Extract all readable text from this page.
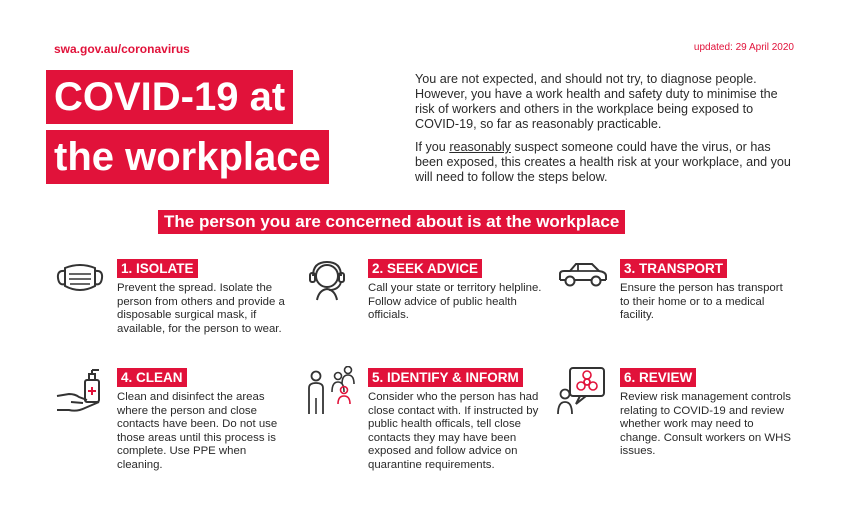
swa.gov.au/coronavirus	updated: 29 April 2020
COVID-19 at
the workplace

You are not expected, and should not try, to diagnose people. However, you have a work health and safety duty to minimise the risk of workers and others in the workplace being exposed to COVID-19, so far as reasonably practicable.

If you reasonably suspect someone could have the virus, or has been exposed, this creates a health risk at your workplace, and you will need to follow the steps below.

The person you are concerned about is at the workplace
1. ISOLATE
Prevent the spread. Isolate the person from others and provide a disposable surgical mask, if available, for the person to wear.
2. SEEK ADVICE
Call your state or territory helpline. Follow advice of public health officials.
3. TRANSPORT
Ensure the person has transport to their home or to a medical facility.
4. CLEAN
Clean and disinfect the areas where the person and close contacts have been. Do not use those areas until this process is complete. Use PPE when cleaning.
5. IDENTIFY & INFORM
Consider who the person has had close contact with. If instructed by public health officals, tell close contacts they may have been exposed and follow advice on quarantine requirements.
6. REVIEW
Review risk management controls relating to COVID-19 and review whether work may need to change. Consult workers on WHS issues.
